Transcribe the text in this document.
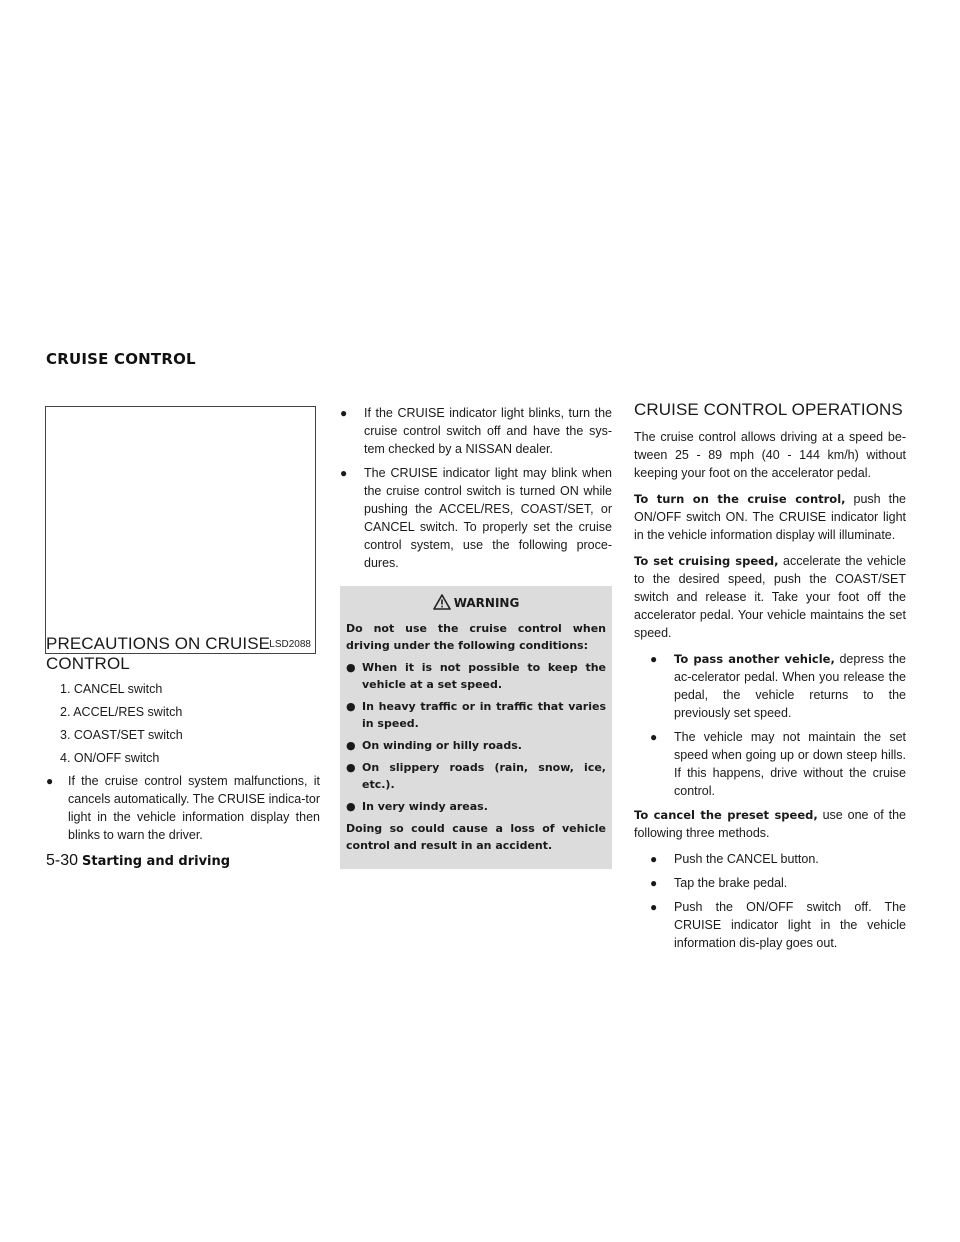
CRUISE CONTROL
LSD2088
PRECAUTIONS ON CRUISE CONTROL
1. CANCEL switch
2. ACCEL/RES switch
3. COAST/SET switch
4. ON/OFF switch
●	If the cruise control system malfunctions, it cancels automatically. The CRUISE indica-tor light in the vehicle information display then blinks to warn the driver.
●	If the CRUISE indicator light blinks, turn the cruise control switch off and have the sys-tem checked by a NISSAN dealer.
●	The CRUISE indicator light may blink when the cruise control switch is turned ON while pushing the ACCEL/RES, COAST/SET, or CANCEL switch. To properly set the cruise control system, use the following proce-dures.
WARNING
Do not use the cruise control when driving under the following conditions:
● When it is not possible to keep the vehicle at a set speed.
● In heavy traffic or in traffic that varies in speed.
● On winding or hilly roads.
● On slippery roads (rain, snow, ice, etc.).
● In very windy areas.
Doing so could cause a loss of vehicle control and result in an accident.
CRUISE CONTROL OPERATIONS

The cruise control allows driving at a speed be-tween 25 - 89 mph (40 - 144 km/h) without keeping your foot on the accelerator pedal.

To turn on the cruise control, push the ON/OFF switch ON. The CRUISE indicator light in the vehicle information display will illuminate.

To set cruising speed, accelerate the vehicle to the desired speed, push the COAST/SET switch and release it. Take your foot off the accelerator pedal. Your vehicle maintains the set speed.

●	To pass another vehicle, depress the ac-celerator pedal. When you release the pedal, the vehicle returns to the previously set speed.
●	The vehicle may not maintain the set speed when going up or down steep hills. If this happens, drive without the cruise control.

To cancel the preset speed, use one of the following three methods.

●	Push the CANCEL button.
●	Tap the brake pedal.
●	Push the ON/OFF switch off. The CRUISE indicator light in the vehicle information dis-play goes out.
5-30 Starting and driving
